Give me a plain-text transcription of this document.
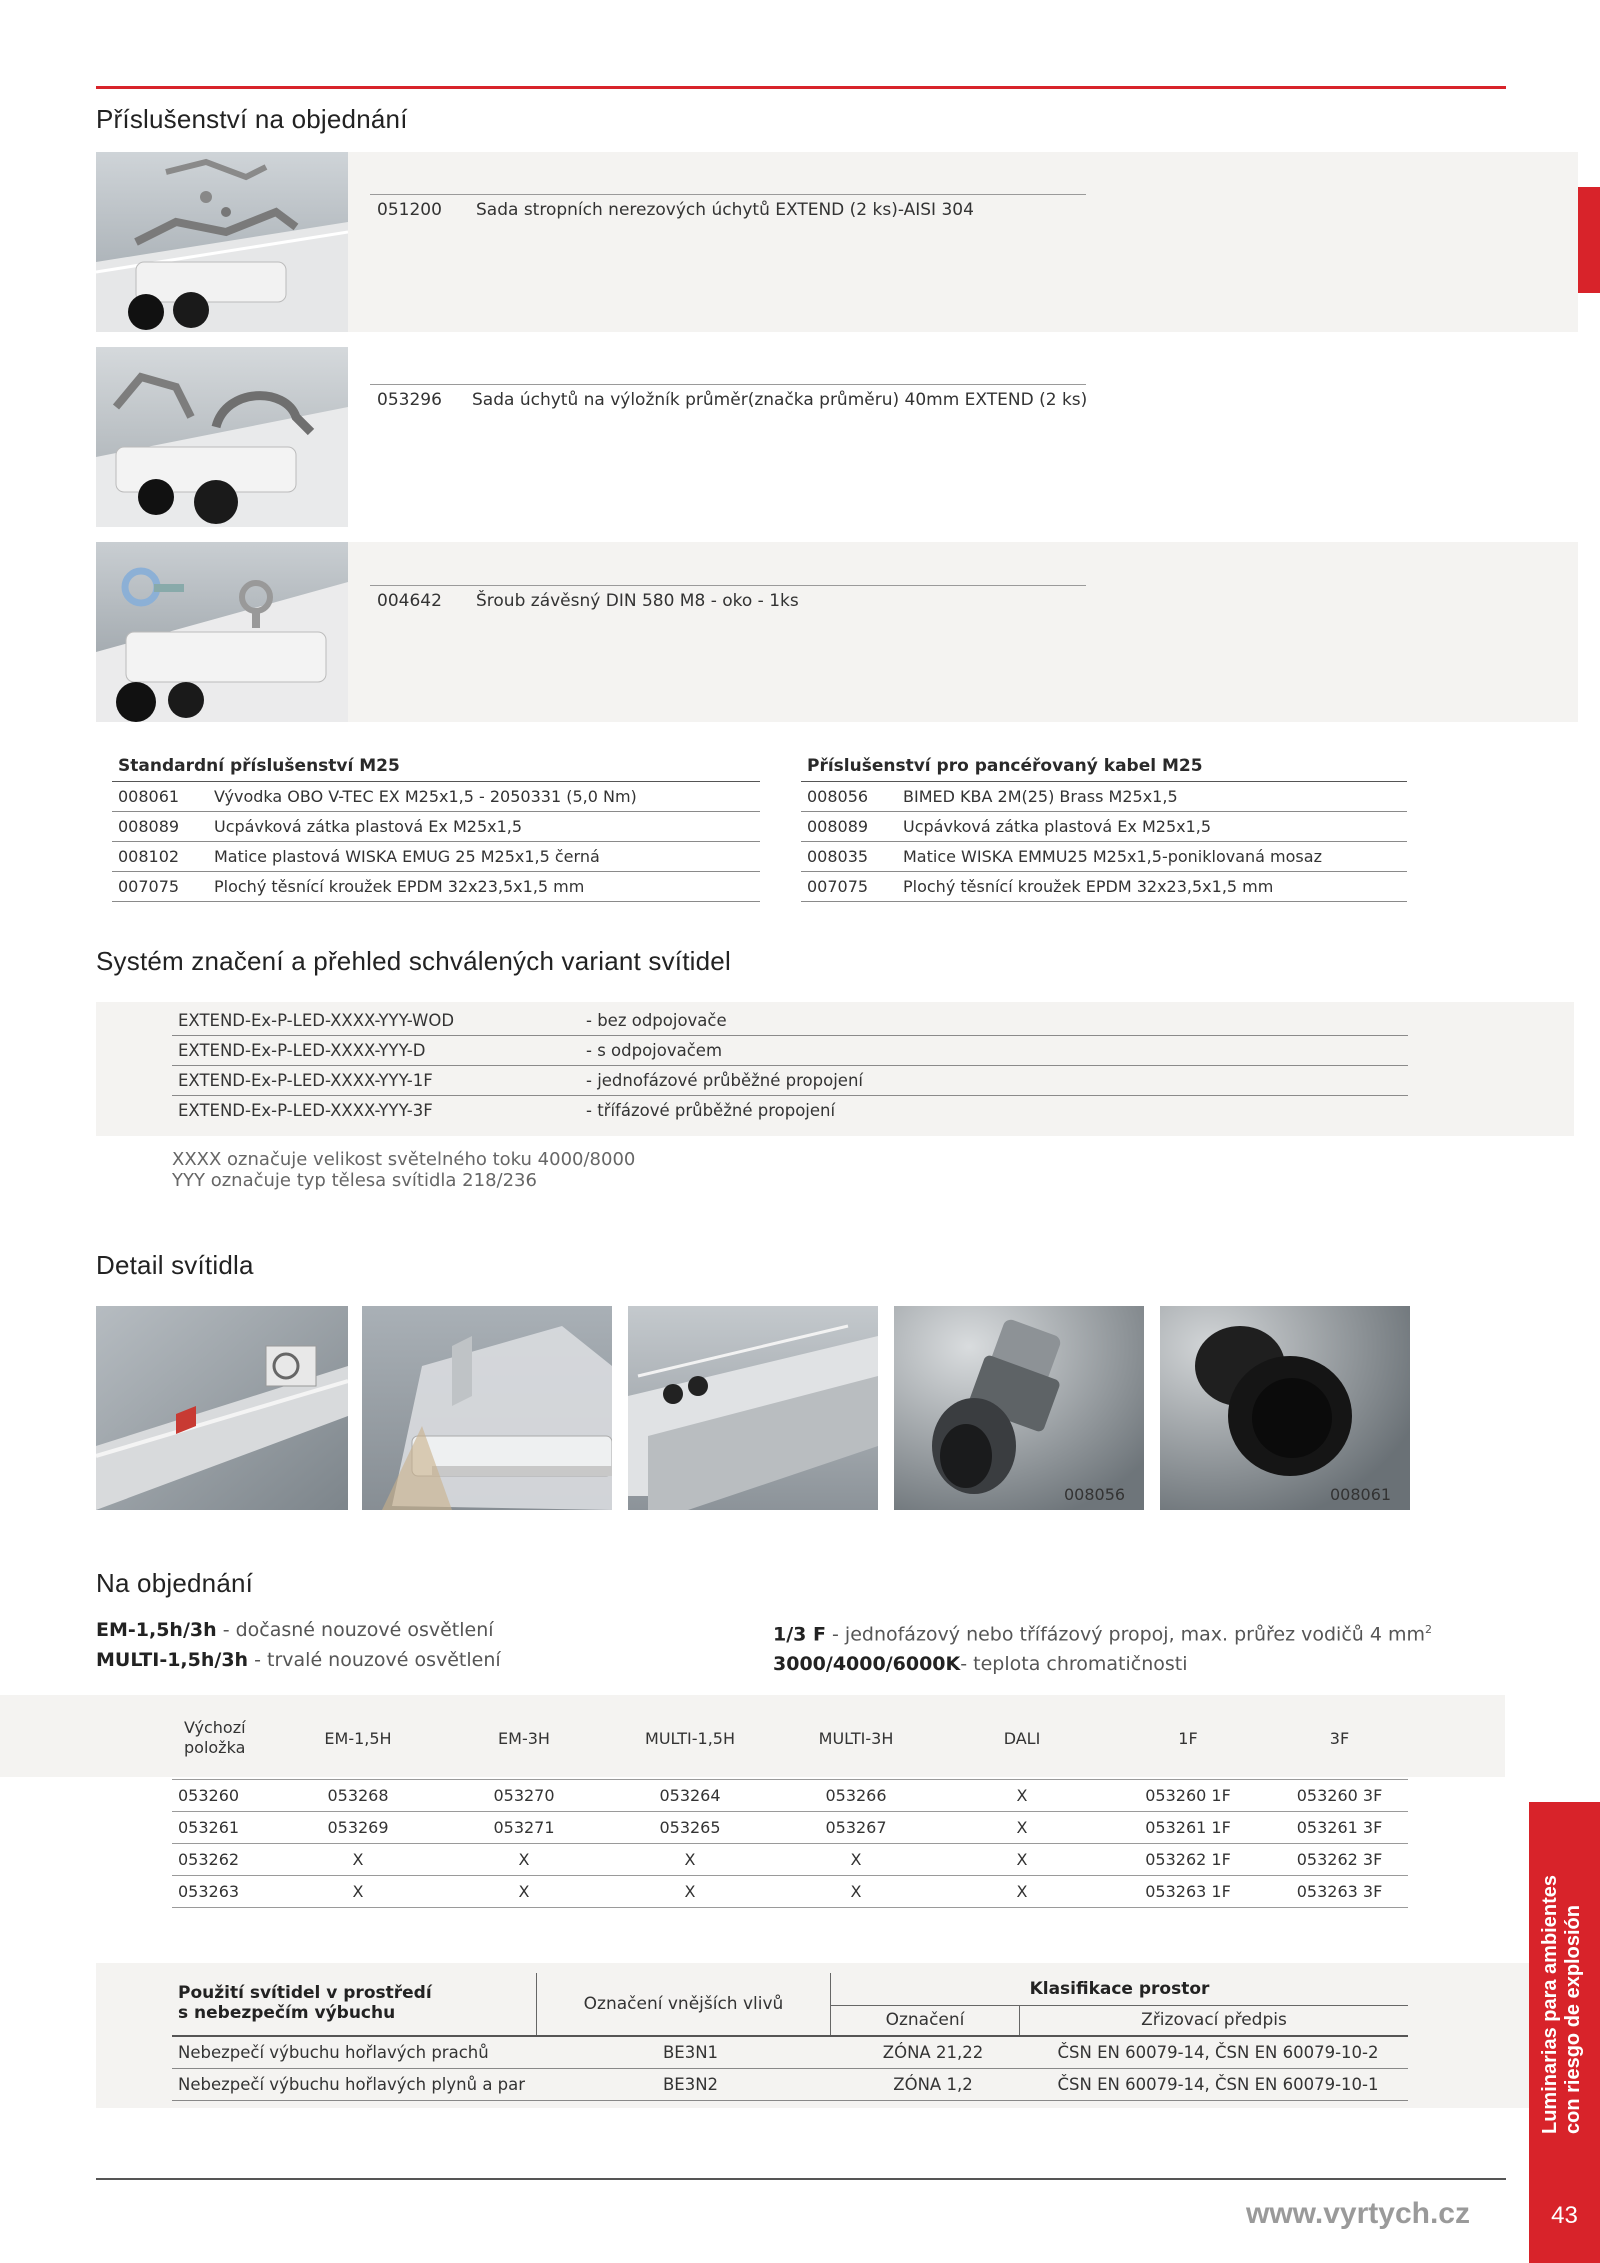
Příslušenství na objednání
051200 Sada stropních nerezových úchytů EXTEND (2 ks)-AISI 304
053296 Sada úchytů na výložník průměr(značka průměru) 40mm EXTEND (2 ks)
004642 Šroub závěsný DIN 580 M8 - oko - 1ks
Standardní příslušenství M25	
008061	Vývodka OBO V-TEC EX M25x1,5 - 2050331 (5,0 Nm)
008089	Ucpávková zátka plastová Ex M25x1,5
008102	Matice plastová WISKA EMUG 25 M25x1,5 černá
007075	Plochý těsnící kroužek EPDM 32x23,5x1,5 mm
Příslušenství pro pancéřovaný kabel M25	
008056	BIMED KBA 2M(25) Brass M25x1,5
008089	Ucpávková zátka plastová Ex M25x1,5
008035	Matice WISKA EMMU25 M25x1,5-poniklovaná mosaz
007075	Plochý těsnící kroužek EPDM 32x23,5x1,5 mm
Systém značení a přehled schválených variant svítidel
EXTEND-Ex-P-LED-XXXX-YYY-WOD	- bez odpojovače
EXTEND-Ex-P-LED-XXXX-YYY-D	- s odpojovačem
EXTEND-Ex-P-LED-XXXX-YYY-1F	- jednofázové průběžné propojení
EXTEND-Ex-P-LED-XXXX-YYY-3F	- třífázové průběžné propojení
XXXX označuje velikost světelného toku 4000/8000
YYY označuje typ tělesa svítidla 218/236
Detail svítidla
008056	008061
Na objednání
EM-1,5h/3h - dočasné nouzové osvětlení
MULTI-1,5h/3h - trvalé nouzové osvětlení
1/3 F - jednofázový nebo třífázový propoj, max. průřez vodičů 4 $mm^2$
3000/4000/6000K- teplota chromatičnosti
Výchozí
položka	EM-1,5H	EM-3H	MULTI-1,5H	MULTI-3H	DALI	1F	3F
053260	053268	053270	053264	053266	X	053260 1F	053260 3F
053261	053269	053271	053265	053267	X	053261 1F	053261 3F
053262	X	X	X	X	X	053262 1F	053262 3F
053263	X	X	X	X	X	053263 1F	053263 3F
Použití svítidel v prostředí
s nebezpečím výbuchu	Označení vnějších vlivů
Klasifikace prostor
Označení	Zřizovací předpis
Nebezpečí výbuchu hořlavých prachů	BE3N1	ZÓNA 21,22	ČSN EN 60079-14, ČSN EN 60079-10-2
Nebezpečí výbuchu hořlavých plynů a par	BE3N2	ZÓNA 1,2	ČSN EN 60079-14, ČSN EN 60079-10-1	Luminarias para ambientes con riesgo de explosión
43
www.vyrtych.cz
